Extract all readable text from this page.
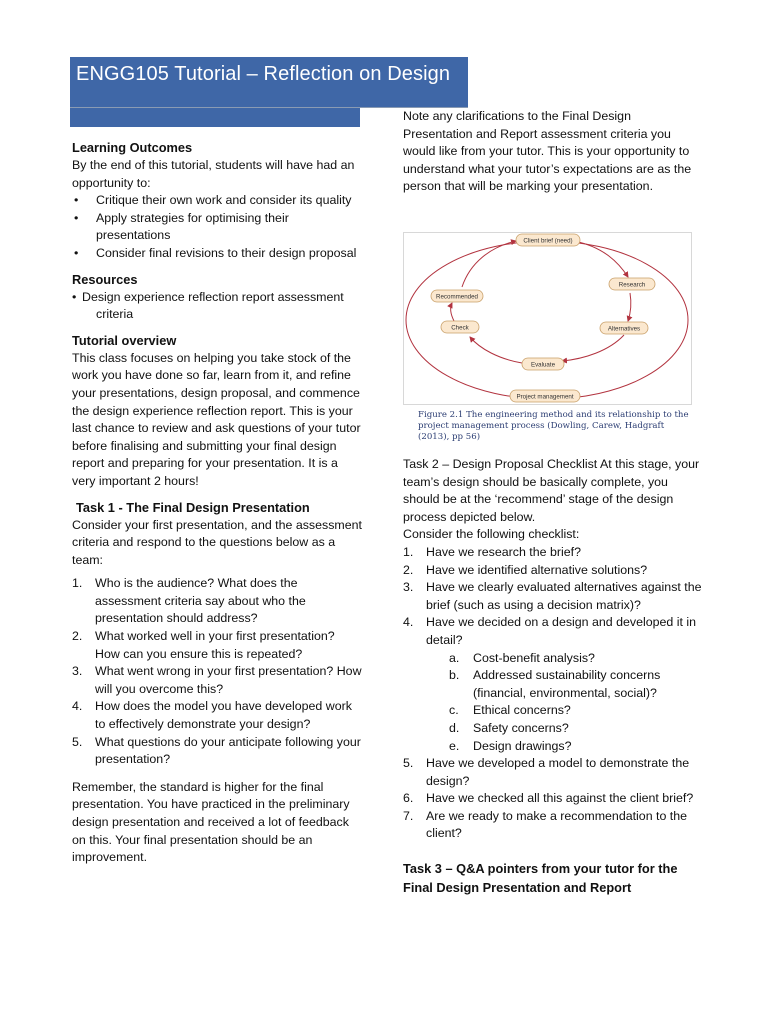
ENGG105 Tutorial – Reflection on Design
Learning Outcomes

By the end of this tutorial, students will have had an opportunity to:

• Critique their own work and consider its quality
• Apply strategies for optimising their presentations
• Consider final revisions to their design proposal
Resources
• Design experience reflection report assessment criteria
Tutorial overview

This class focuses on helping you take stock of the work you have done so far, learn from it, and refine your presentations, design proposal, and commence the design experience reflection report. This is your last chance to review and ask questions of your tutor before finalising and submitting your final design report and preparing for your presentation. It is a very important 2 hours!

Task 1 - The Final Design Presentation

Consider your first presentation, and the assessment criteria and respond to the questions below as a team:

1. Who is the audience? What does the assessment criteria say about who the presentation should address?
2. What worked well in your first presentation? How can you ensure this is repeated?
3. What went wrong in your first presentation? How will you overcome this?
4. How does the model you have developed work to effectively demonstrate your design?
5. What questions do your anticipate following your presentation?

Remember, the standard is higher for the final presentation. You have practiced in the preliminary design presentation and received a lot of feedback on this. Your final presentation should be an improvement.

Note any clarifications to the Final Design Presentation and Report assessment criteria you would like from your tutor. This is your opportunity to understand what your tutor’s expectations are as the person that will be marking your presentation.

Client brief (need)
Research
Alternatives
Evaluate
Check
Recommended
Project management
Figure 2.1 The engineering method and its relationship to the project management process (Dowling, Carew, Hadgraft (2013), pp 56)

Task 2 – Design Proposal Checklist At this stage, your team’s design should be basically complete, you should be at the ‘recommend’ stage of the design process depicted below.

Consider the following checklist:

1. Have we research the brief?
2. Have we identified alternative solutions?
3. Have we clearly evaluated alternatives against the brief (such as using a decision matrix)?
4. Have we decided on a design and developed it in detail?
a. Cost-benefit analysis?
b. Addressed sustainability concerns (financial, environmental, social)?
c. Ethical concerns?
d. Safety concerns?
e. Design drawings?
5. Have we developed a model to demonstrate the design?
6. Have we checked all this against the client brief?
7. Are we ready to make a recommendation to the client?
Task 3 – Q&A pointers from your tutor for the Final Design Presentation and Report
